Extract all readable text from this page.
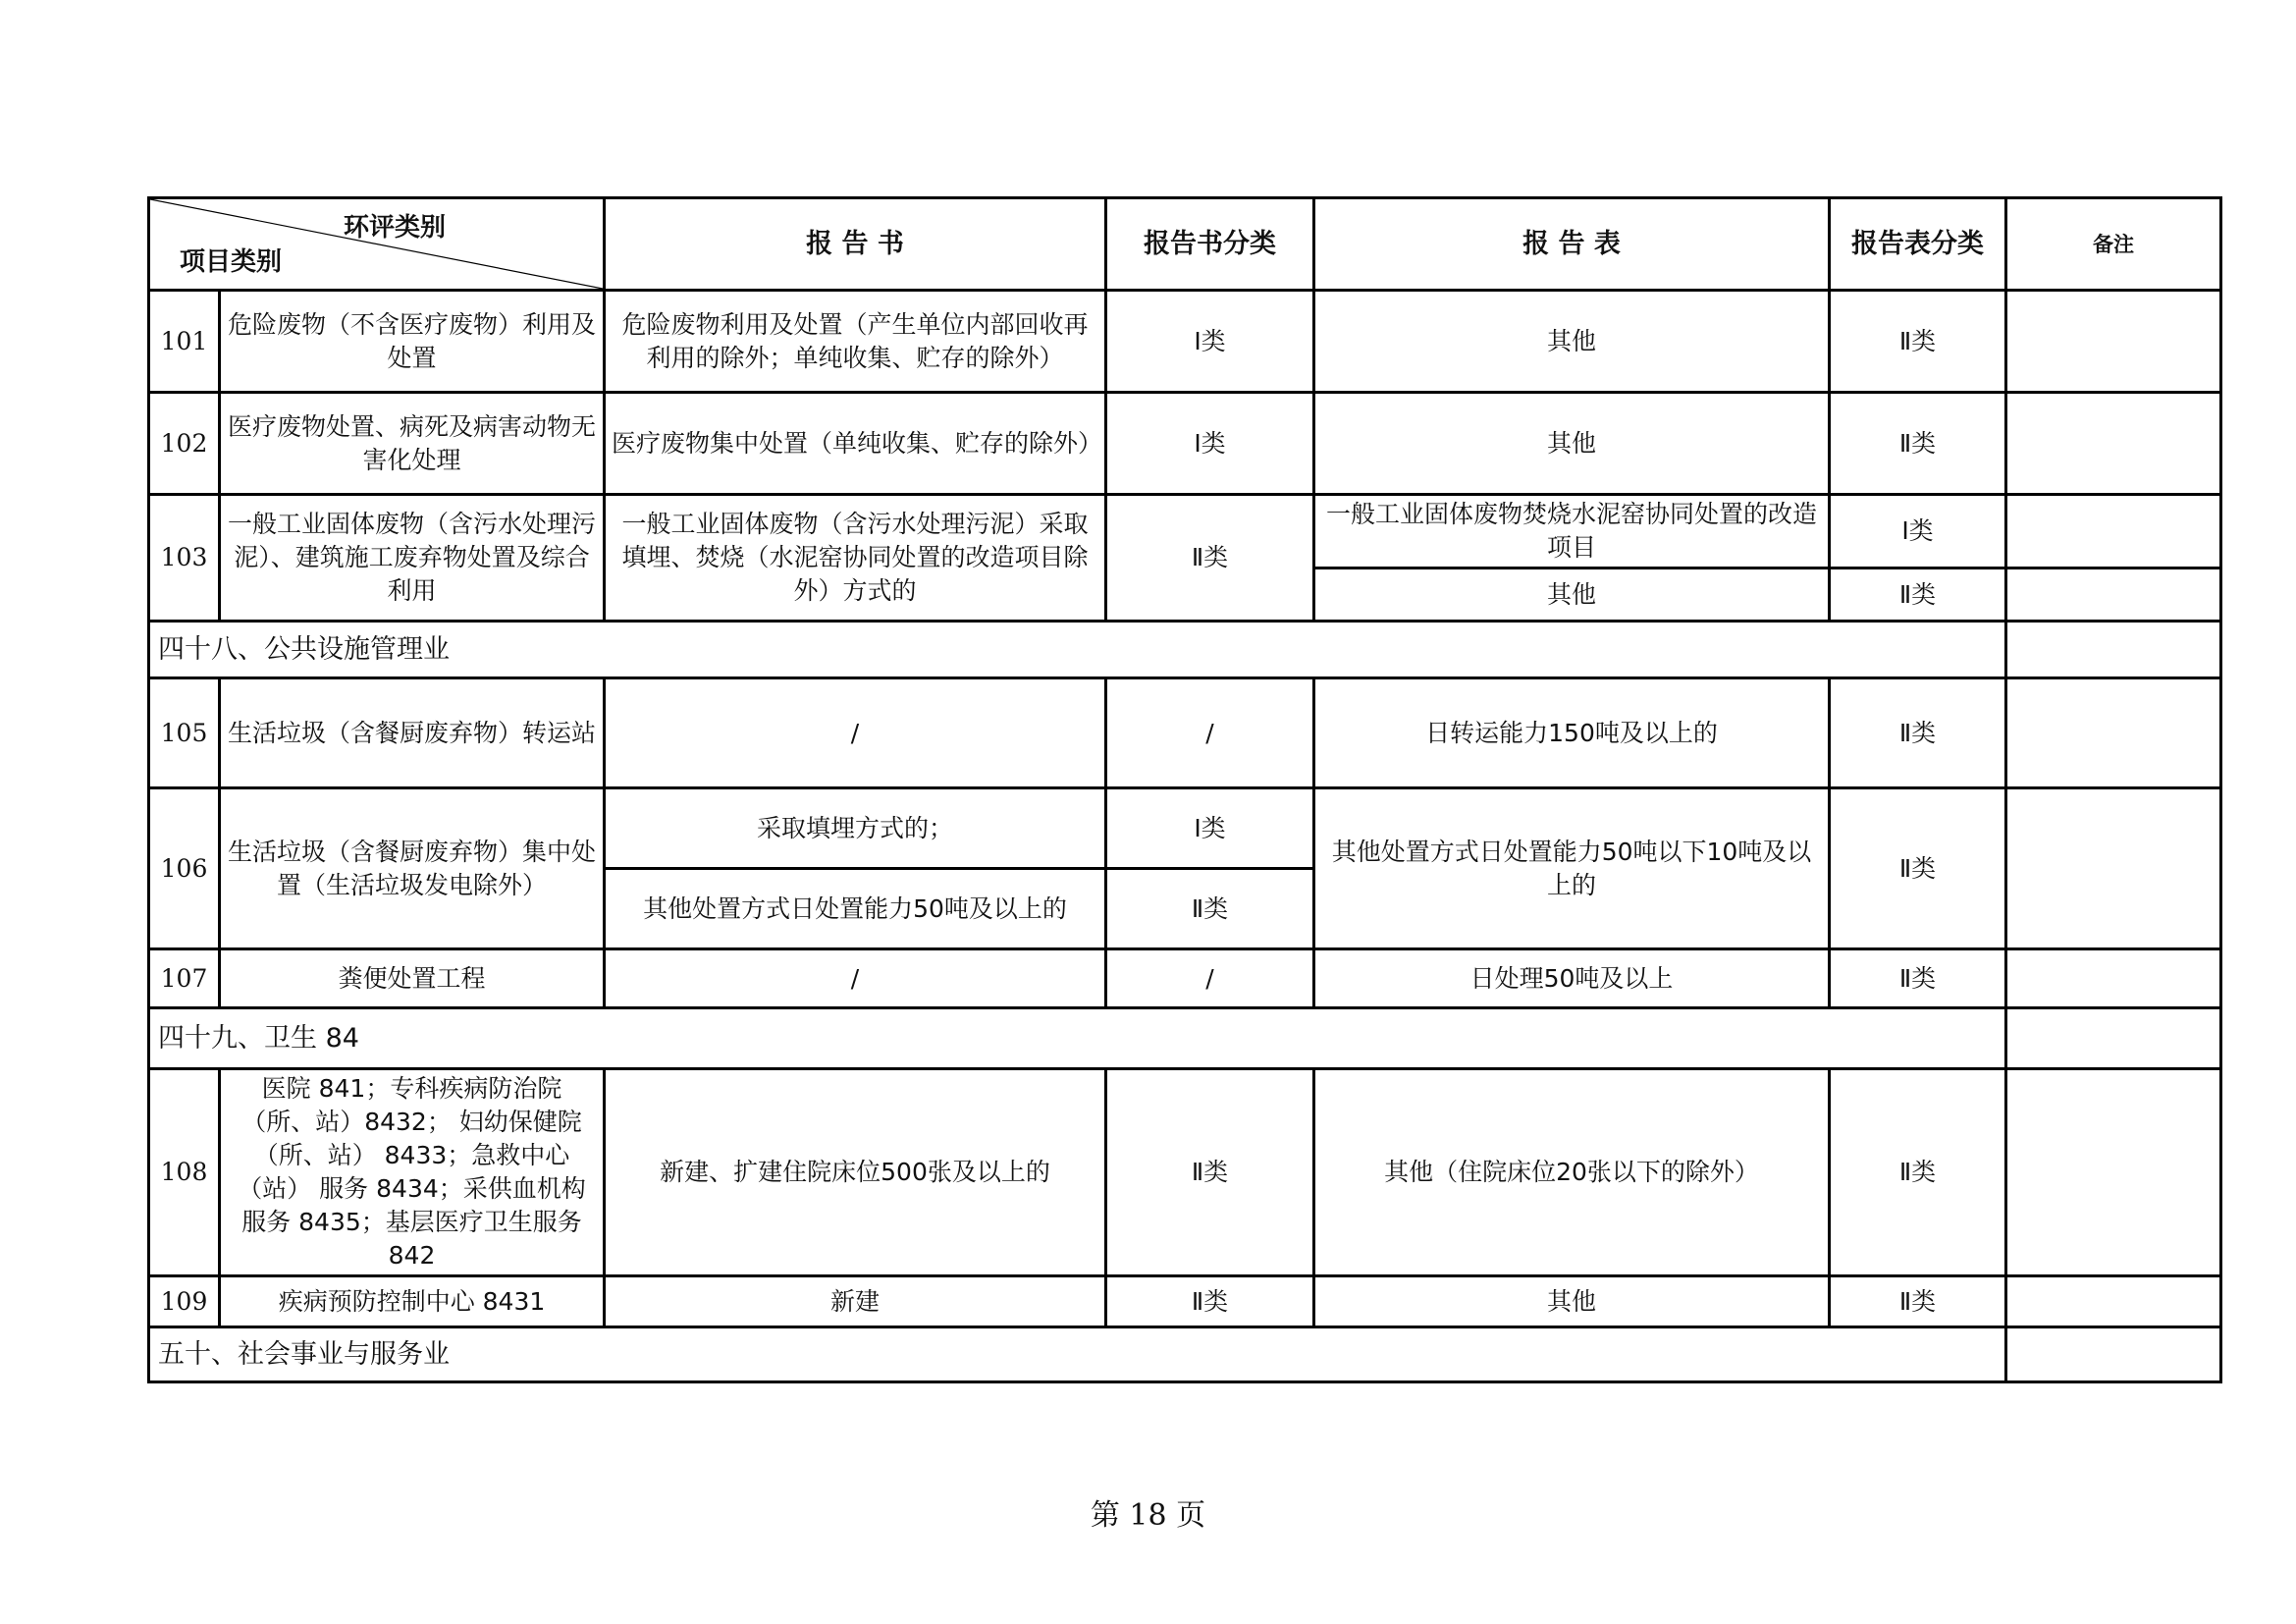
环评类别
项目类别		报 告 书	报告书分类	报 告 表	报告表分类	备注
101	危险废物（不含医疗废物）利用及处置	危险废物利用及处置（产生单位内部回收再利用的除外；单纯收集、贮存的除外）	Ⅰ类	其他	Ⅱ类	
102	医疗废物处置、病死及病害动物无害化处理	医疗废物集中处置（单纯收集、贮存的除外）	Ⅰ类	其他	Ⅱ类	
103	一般工业固体废物（含污水处理污泥）、建筑施工废弃物处置及综合利用	一般工业固体废物（含污水处理污泥）采取填埋、焚烧（水泥窑协同处置的改造项目除外）方式的	Ⅱ类	一般工业固体废物焚烧水泥窑协同处置的改造项目	Ⅰ类	
				其他	Ⅱ类	
四十八、公共设施管理业						
105	生活垃圾（含餐厨废弃物）转运站	/	/	日转运能力150吨及以上的	Ⅱ类	
106	生活垃圾（含餐厨废弃物）集中处置（生活垃圾发电除外）	采取填埋方式的；	Ⅰ类	其他处置方式日处置能力50吨以下10吨及以上的	Ⅱ类	
		其他处置方式日处置能力50吨及以上的	Ⅱ类			
107	粪便处置工程	/	/	日处理50吨及以上	Ⅱ类	
四十九、卫生 84						
108	医院 841；专科疾病防治院（所、站）8432； 妇幼保健院（所、站） 8433；急救中心（站） 服务 8434；采供血机构服务 8435；基层医疗卫生服务 842	新建、扩建住院床位500张及以上的	Ⅱ类	其他（住院床位20张以下的除外）	Ⅱ类	
109	疾病预防控制中心 8431	新建	Ⅱ类	其他	Ⅱ类	
五十、社会事业与服务业						
第 18 页
